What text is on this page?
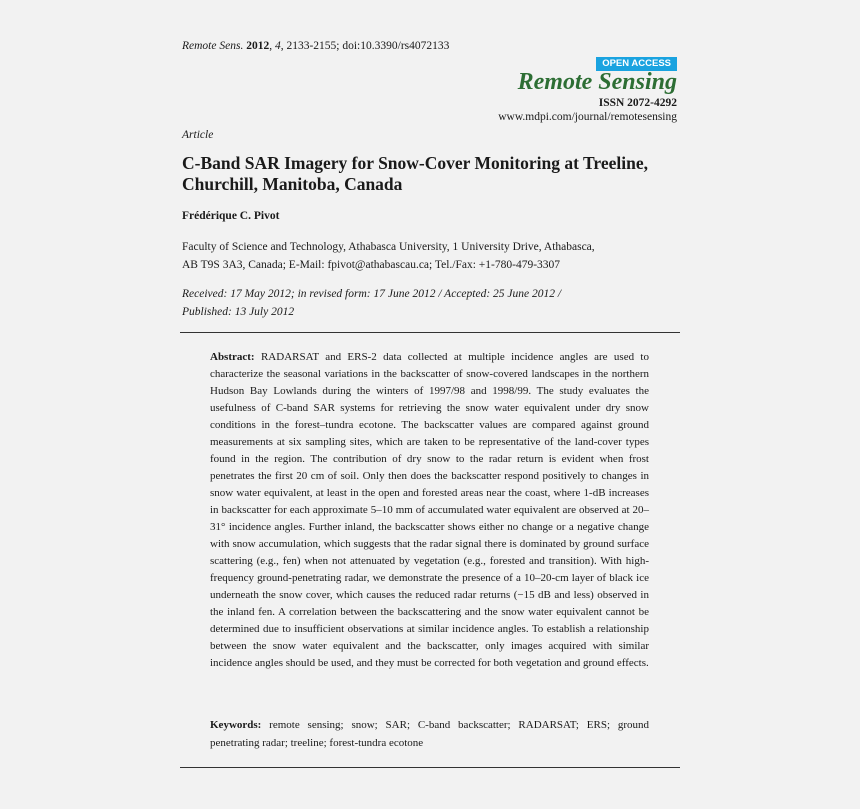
Remote Sens. 2012, 4, 2133-2155; doi:10.3390/rs4072133
OPEN ACCESS
Remote Sensing
ISSN 2072-4292
www.mdpi.com/journal/remotesensing
Article
C-Band SAR Imagery for Snow-Cover Monitoring at Treeline, Churchill, Manitoba, Canada
Frédérique C. Pivot
Faculty of Science and Technology, Athabasca University, 1 University Drive, Athabasca,
AB T9S 3A3, Canada; E-Mail: fpivot@athabascau.ca; Tel./Fax: +1-780-479-3307
Received: 17 May 2012; in revised form: 17 June 2012 / Accepted: 25 June 2012 /
Published: 13 July 2012
Abstract: RADARSAT and ERS-2 data collected at multiple incidence angles are used to characterize the seasonal variations in the backscatter of snow-covered landscapes in the northern Hudson Bay Lowlands during the winters of 1997/98 and 1998/99. The study evaluates the usefulness of C-band SAR systems for retrieving the snow water equivalent under dry snow conditions in the forest–tundra ecotone. The backscatter values are compared against ground measurements at six sampling sites, which are taken to be representative of the land-cover types found in the region. The contribution of dry snow to the radar return is evident when frost penetrates the first 20 cm of soil. Only then does the backscatter respond positively to changes in snow water equivalent, at least in the open and forested areas near the coast, where 1-dB increases in backscatter for each approximate 5–10 mm of accumulated water equivalent are observed at 20–31° incidence angles. Further inland, the backscatter shows either no change or a negative change with snow accumulation, which suggests that the radar signal there is dominated by ground surface scattering (e.g., fen) when not attenuated by vegetation (e.g., forested and transition). With high-frequency ground-penetrating radar, we demonstrate the presence of a 10–20-cm layer of black ice underneath the snow cover, which causes the reduced radar returns (−15 dB and less) observed in the inland fen. A correlation between the backscattering and the snow water equivalent cannot be determined due to insufficient observations at similar incidence angles. To establish a relationship between the snow water equivalent and the backscatter, only images acquired with similar incidence angles should be used, and they must be corrected for both vegetation and ground effects.
Keywords: remote sensing; snow; SAR; C-band backscatter; RADARSAT; ERS; ground penetrating radar; treeline; forest-tundra ecotone
